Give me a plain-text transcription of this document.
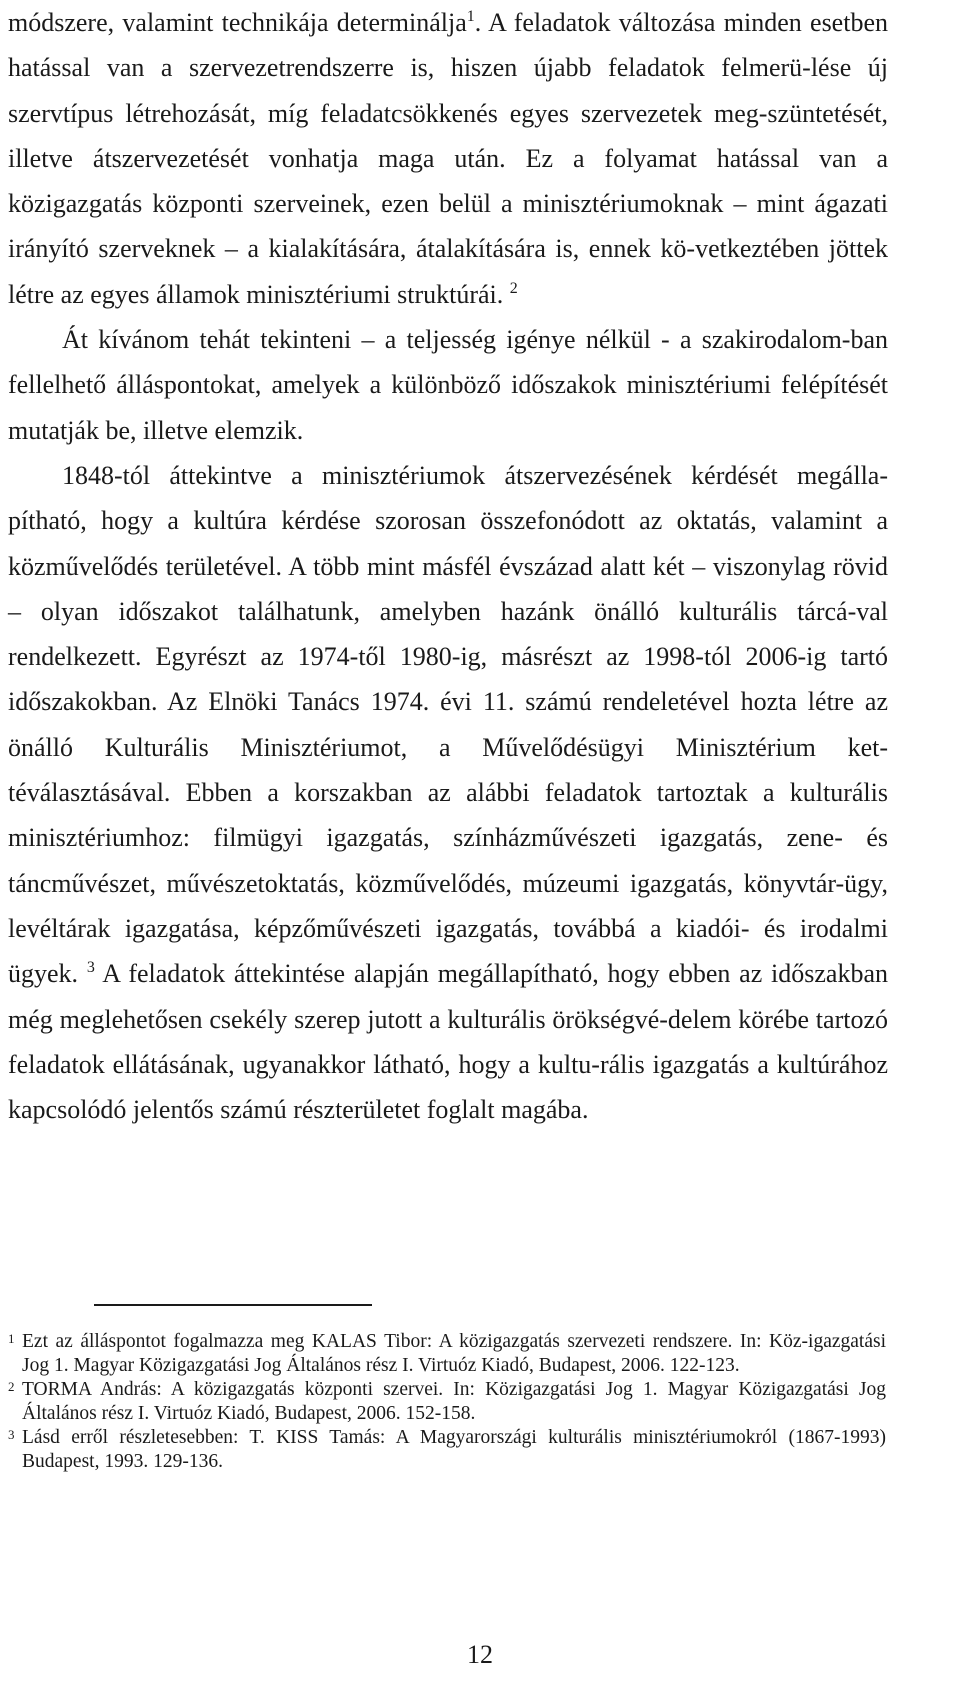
módszere, valamint technikája determinálja$^1$. A feladatok változása minden esetben hatással van a szervezetrendszerre is, hiszen újabb feladatok felmerü-lése új szervtípus létrehozását, míg feladatcsökkenés egyes szervezetek meg-szüntetését, illetve átszervezetését vonhatja maga után. Ez a folyamat hatással van a közigazgatás központi szerveinek, ezen belül a minisztériumoknak – mint ágazati irányító szerveknek – a kialakítására, átalakítására is, ennek kö-vetkeztében jöttek létre az egyes államok minisztériumi struktúrái. $^2$

Át kívánom tehát tekinteni – a teljesség igénye nélkül - a szakirodalom-ban fellelhető álláspontokat, amelyek a különböző időszakok minisztériumi felépítését mutatják be, illetve elemzik.

1848-tól áttekintve a minisztériumok átszervezésének kérdését megálla-pítható, hogy a kultúra kérdése szorosan összefonódott az oktatás, valamint a közművelődés területével. A több mint másfél évszázad alatt két – viszonylag rövid – olyan időszakot találhatunk, amelyben hazánk önálló kulturális tárcá-val rendelkezett. Egyrészt az 1974-től 1980-ig, másrészt az 1998-tól 2006-ig tartó időszakokban. Az Elnöki Tanács 1974. évi 11. számú rendeletével hozta létre az önálló Kulturális Minisztériumot, a Művelődésügyi Minisztérium ket-téválasztásával. Ebben a korszakban az alábbi feladatok tartoztak a kulturális minisztériumhoz: filmügyi igazgatás, színházművészeti igazgatás, zene- és táncművészet, művészetoktatás, közművelődés, múzeumi igazgatás, könyvtár-ügy, levéltárak igazgatása, képzőművészeti igazgatás, továbbá a kiadói- és irodalmi ügyek. $^3$ A feladatok áttekintése alapján megállapítható, hogy ebben az időszakban még meglehetősen csekély szerep jutott a kulturális örökségvé-delem körébe tartozó feladatok ellátásának, ugyanakkor látható, hogy a kultu-rális igazgatás a kultúrához kapcsolódó jelentős számú részterületet foglalt magába.

1 Ezt az álláspontot fogalmazza meg KALAS Tibor: A közigazgatás szervezeti rendszere. In: Köz-igazgatási Jog 1. Magyar Közigazgatási Jog Általános rész I. Virtuóz Kiadó, Budapest, 2006. 122-123.
2 TORMA András: A közigazgatás központi szervei. In: Közigazgatási Jog 1. Magyar Közigazgatási Jog Általános rész I. Virtuóz Kiadó, Budapest, 2006. 152-158.
3 Lásd erről részletesebben: T. KISS Tamás: A Magyarországi kulturális minisztériumokról (1867-1993) Budapest, 1993. 129-136.
12
